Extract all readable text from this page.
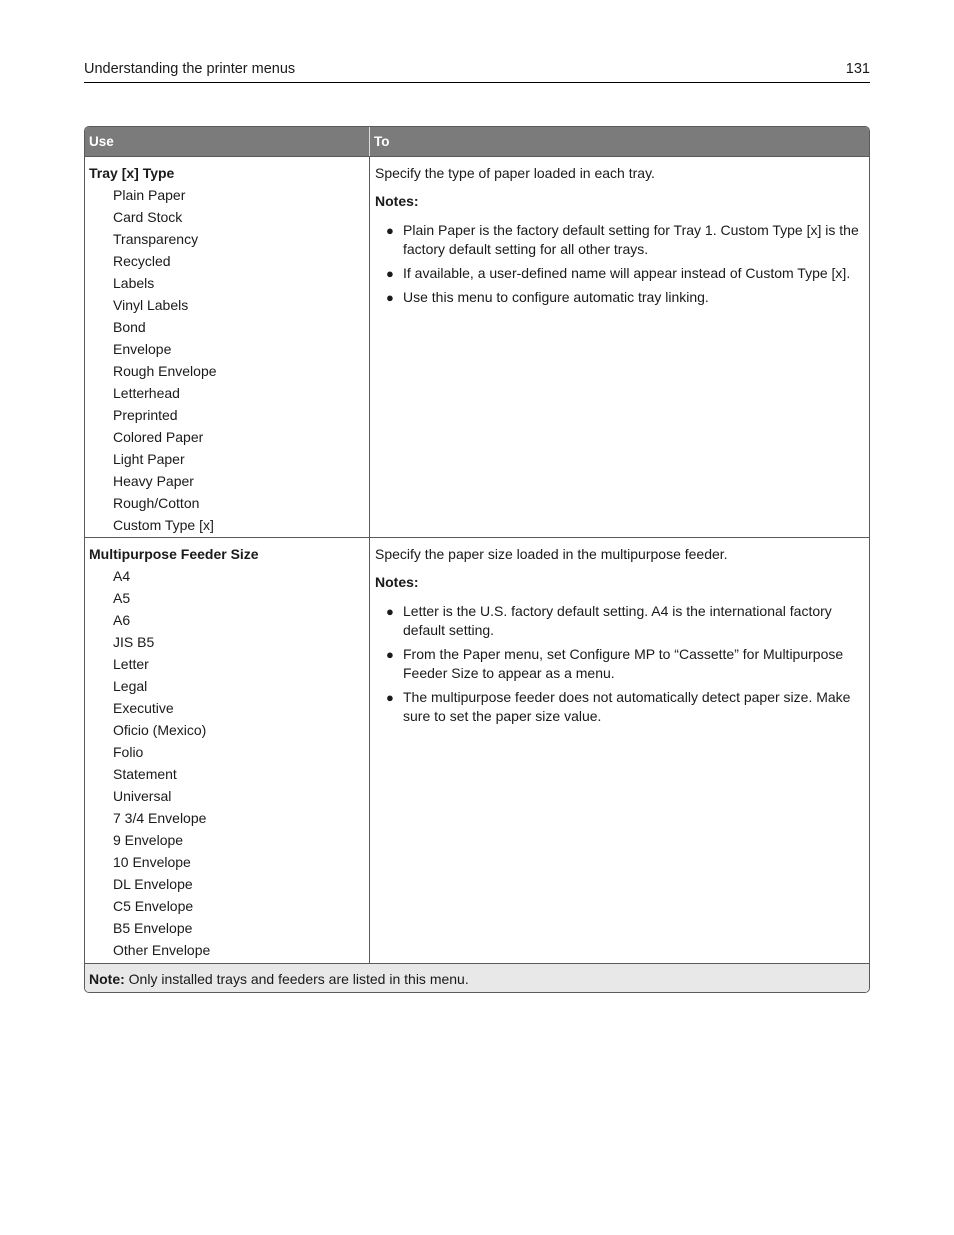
Understanding the printer menus	131
Use	To
Tray [x] Type
Plain Paper
Card Stock
Transparency
Recycled
Labels
Vinyl Labels
Bond
Envelope
Rough Envelope
Letterhead
Preprinted
Colored Paper
Light Paper
Heavy Paper
Rough/Cotton
Custom Type [x]

Specify the type of paper loaded in each tray.

Notes:

● Plain Paper is the factory default setting for Tray 1. Custom Type [x] is the factory default setting for all other trays.
● If available, a user-defined name will appear instead of Custom Type [x].
● Use this menu to configure automatic tray linking.
Multipurpose Feeder Size
A4
A5
A6
JIS B5
Letter
Legal
Executive
Oficio (Mexico)
Folio
Statement
Universal
7 3/4 Envelope
9 Envelope
10 Envelope
DL Envelope
C5 Envelope
B5 Envelope
Other Envelope

Specify the paper size loaded in the multipurpose feeder.

Notes:

● Letter is the U.S. factory default setting. A4 is the international factory default setting.
● From the Paper menu, set Configure MP to “Cassette” for Multipurpose Feeder Size to appear as a menu.
● The multipurpose feeder does not automatically detect paper size. Make sure to set the paper size value.
Note: Only installed trays and feeders are listed in this menu.
